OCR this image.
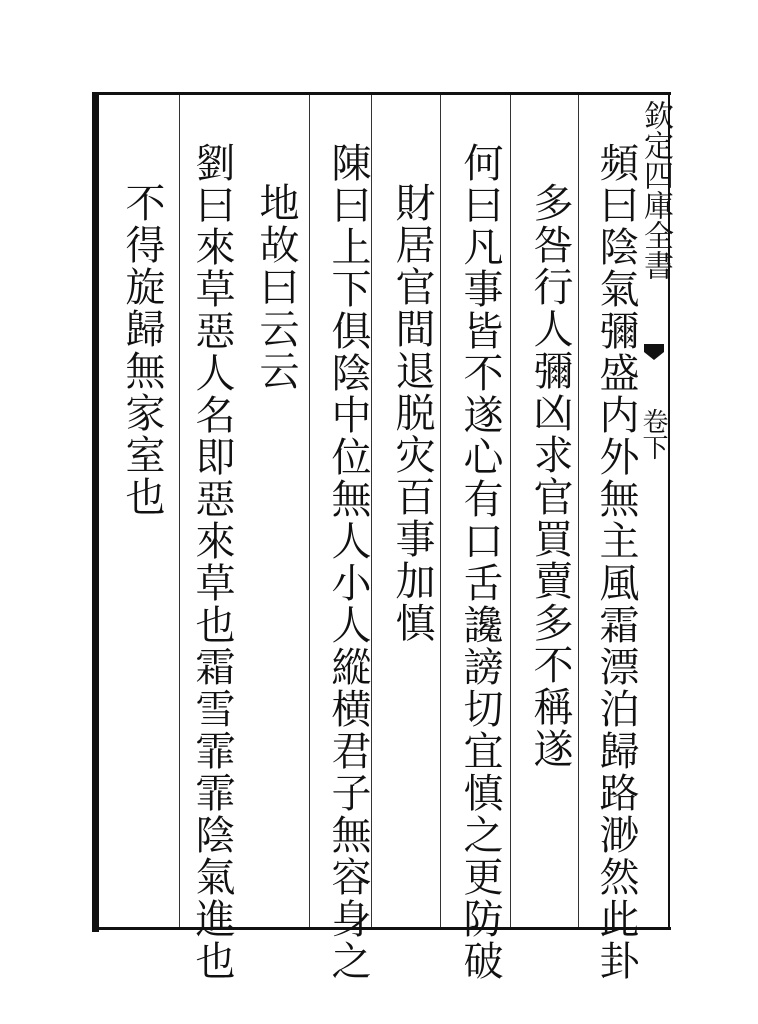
欽定四庫全書
卷下
頻曰陰氣彌盛内外無主風霜漂泊歸路渺然此卦
多咎行人彌凶求官買賣多不稱遂
何曰凡事皆不遂心有口舌讒謗切宜慎之更防破
財居官間退脱灾百事加慎
陳曰上下俱陰中位無人小人縱横君子無容身之
地故曰云云
劉曰來草惡人名即惡來草也霜雪霏霏陰氣進也
不得旋歸無家室也
